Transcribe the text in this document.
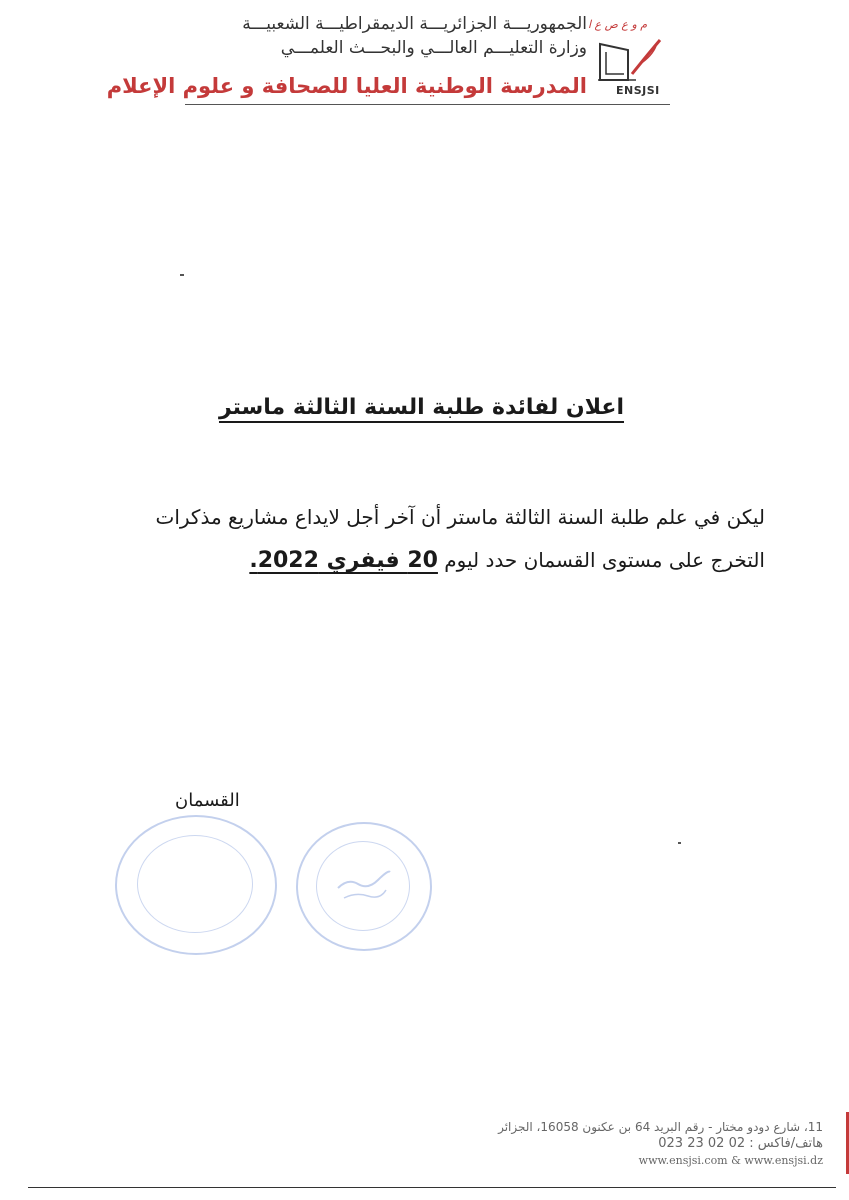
الجمهوريـــة الجزائريـــة الديمقراطيـــة الشعبيـــة
وزارة التعليـــم العالـــي والبحـــث العلمـــي
المدرسة الوطنية العليا للصحافة و علوم الإعلام
م و ع ص ع ا
ENSJSI
اعلان لفائدة طلبة السنة الثالثة ماستر
ليكن في علم طلبة السنة الثالثة ماستر أن آخر أجل لايداع مشاريع مذكرات
التخرج على مستوى القسمان حدد ليوم 20 فيفري 2022.
القسمان
11، شارع دودو مختار - رقم البريد 64 بن عكنون 16058، الجزائر
هاتف/فاكس : 02 02 23 023
www.ensjsi.com & www.ensjsi.dz
